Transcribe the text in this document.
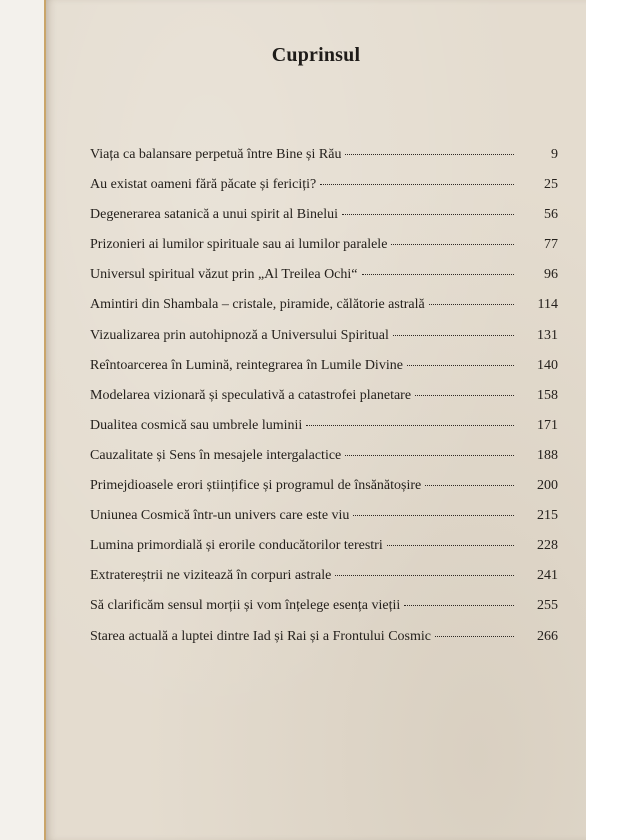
Cuprinsul
Viața ca balansare perpetuă între Bine și Rău	9
Au existat oameni fără păcate și fericiți?	25
Degenerarea satanică a unui spirit al Binelui	56
Prizonieri ai lumilor spirituale sau ai lumilor paralele	77
Universul spiritual văzut prin „Al Treilea Ochi“	96
Amintiri din Shambala – cristale, piramide, călătorie astrală	114
Vizualizarea prin autohipnoză a Universului Spiritual	131
Reîntoarcerea în Lumină, reintegrarea în Lumile Divine	140
Modelarea vizionară și speculativă a catastrofei planetare	158
Dualitea cosmică sau umbrele luminii	171
Cauzalitate și Sens în mesajele intergalactice	188
Primejdioasele erori științifice și programul de însănătoșire	200
Uniunea Cosmică într-un univers care este viu	215
Lumina primordială și erorile conducătorilor terestri	228
Extratereștrii ne vizitează în corpuri astrale	241
Să clarificăm sensul morții și vom înțelege esența vieții	255
Starea actuală a luptei dintre Iad și Rai și a Frontului Cosmic	266
